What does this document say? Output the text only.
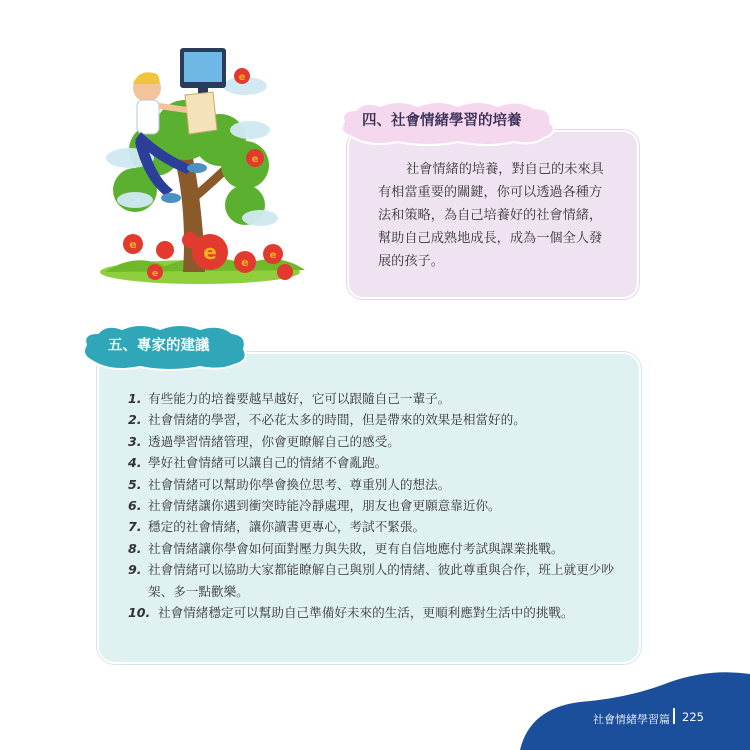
e
e
e	e e
e
e
四、社會情緒學習的培養
社會情緒的培養，對自己的未來具
有相當重要的關鍵，你可以透過各種方
法和策略，為自己培養好的社會情緒，
幫助自己成熟地成長，成為一個全人發
展的孩子。
五、專家的建議
1. 有些能力的培養要越早越好，它可以跟隨自己一輩子。
2. 社會情緒的學習，不必花太多的時間，但是帶來的效果是相當好的。
3. 透過學習情緒管理，你會更瞭解自己的感受。
4. 學好社會情緒可以讓自己的情緒不會亂跑。
5. 社會情緒可以幫助你學會換位思考、尊重別人的想法。
6. 社會情緒讓你遇到衝突時能冷靜處理，朋友也會更願意靠近你。
7. 穩定的社會情緒，讓你讀書更專心，考試不緊張。
8. 社會情緒讓你學會如何面對壓力與失敗，更有自信地應付考試與課業挑戰。
9. 社會情緒可以協助大家都能瞭解自己與別人的情緒、彼此尊重與合作，班上就更少吵架、多一點歡樂。
10. 社會情緒穩定可以幫助自己準備好未來的生活，更順利應對生活中的挑戰。
社會情緒學習篇 225
